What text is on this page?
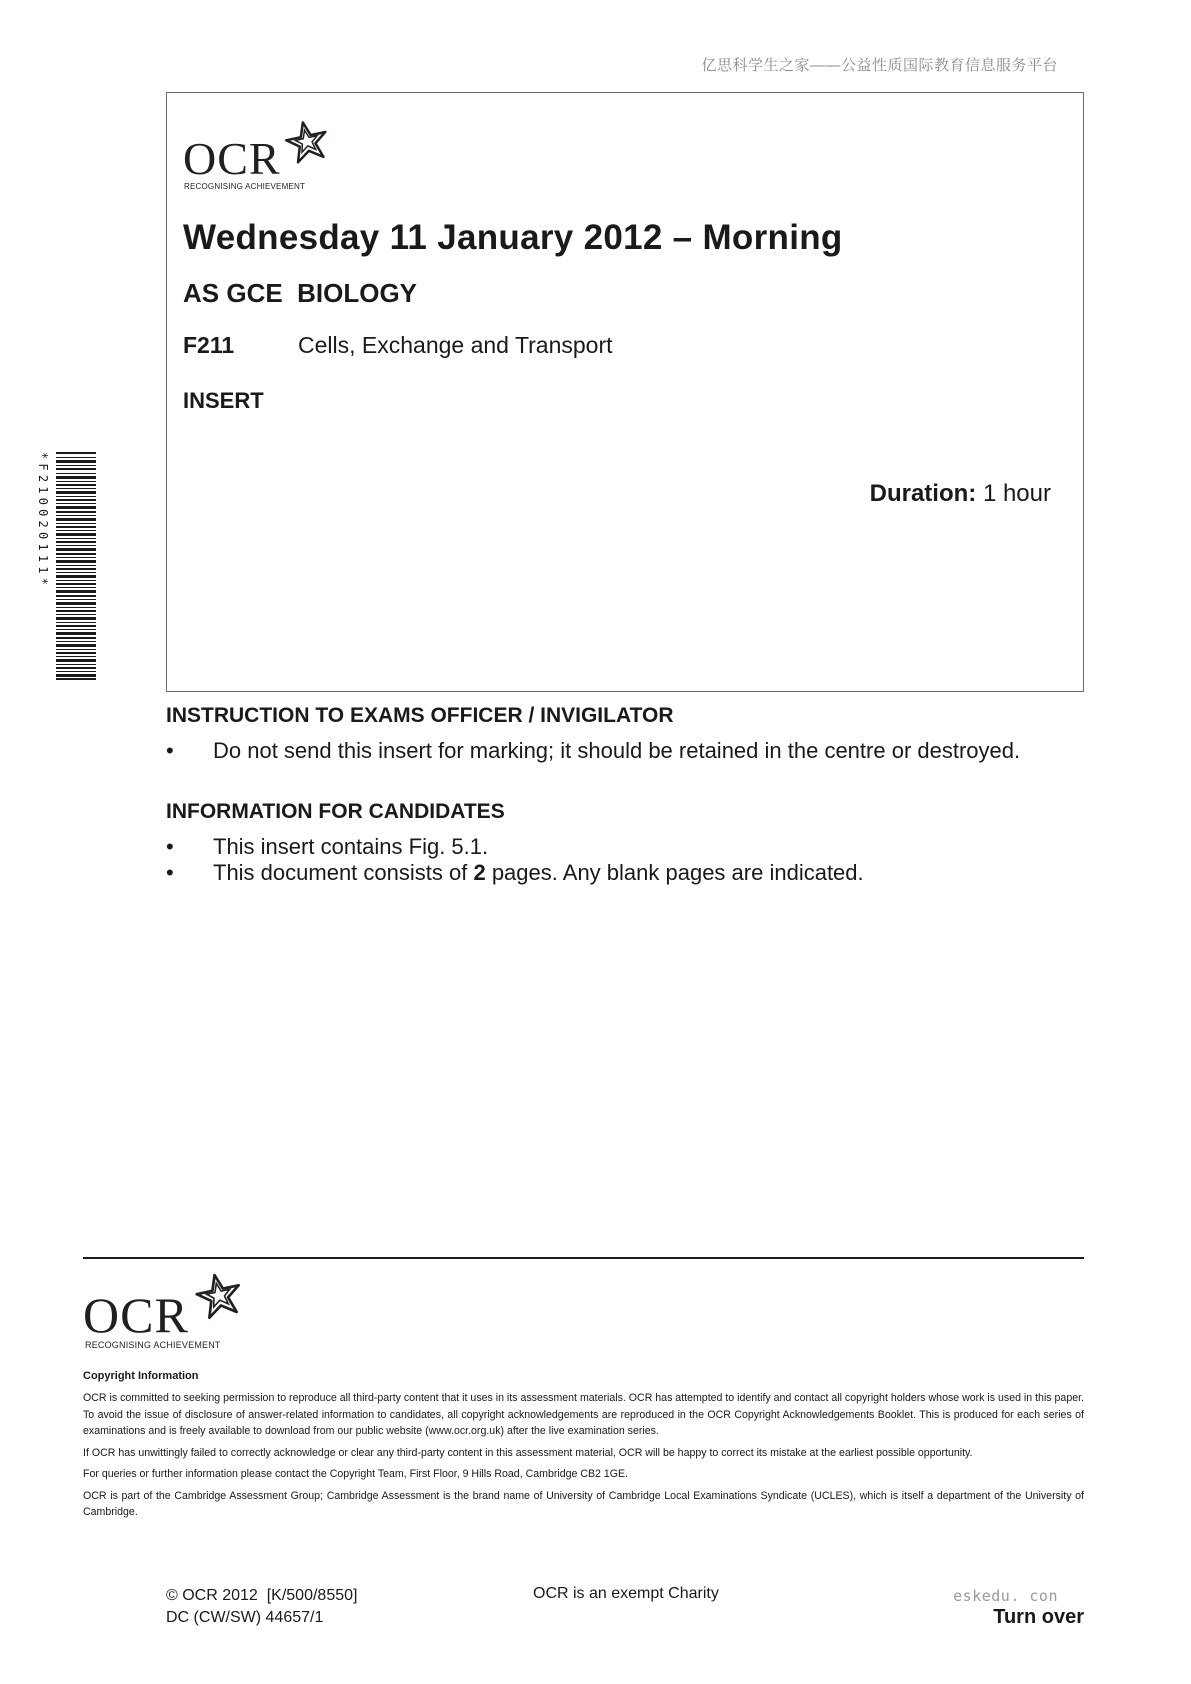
亿思科学生之家——公益性质国际教育信息服务平台
OCR
RECOGNISING ACHIEVEMENT
Wednesday 11 January 2012 – Morning
AS GCE  BIOLOGY
F211	Cells, Exchange and Transport
INSERT
Duration: 1 hour
*F210020111*
INSTRUCTION TO EXAMS OFFICER / INVIGILATOR
• Do not send this insert for marking; it should be retained in the centre or destroyed.
INFORMATION FOR CANDIDATES
• This insert contains Fig. 5.1.
• This document consists of 2 pages. Any blank pages are indicated.
OCR
RECOGNISING ACHIEVEMENT
Copyright Information

OCR is committed to seeking permission to reproduce all third-party content that it uses in its assessment materials. OCR has attempted to identify and contact all copyright holders whose work is used in this paper. To avoid the issue of disclosure of answer-related information to candidates, all copyright acknowledgements are reproduced in the OCR Copyright Acknowledgements Booklet. This is produced for each series of examinations and is freely available to download from our public website (www.ocr.org.uk) after the live examination series.

If OCR has unwittingly failed to correctly acknowledge or clear any third-party content in this assessment material, OCR will be happy to correct its mistake at the earliest possible opportunity.

For queries or further information please contact the Copyright Team, First Floor, 9 Hills Road, Cambridge CB2 1GE.

OCR is part of the Cambridge Assessment Group; Cambridge Assessment is the brand name of University of Cambridge Local Examinations Syndicate (UCLES), which is itself a department of the University of Cambridge.

© OCR 2012  [K/500/8550]
DC (CW/SW) 44657/1
OCR is an exempt Charity	eskedu. con
Turn over
